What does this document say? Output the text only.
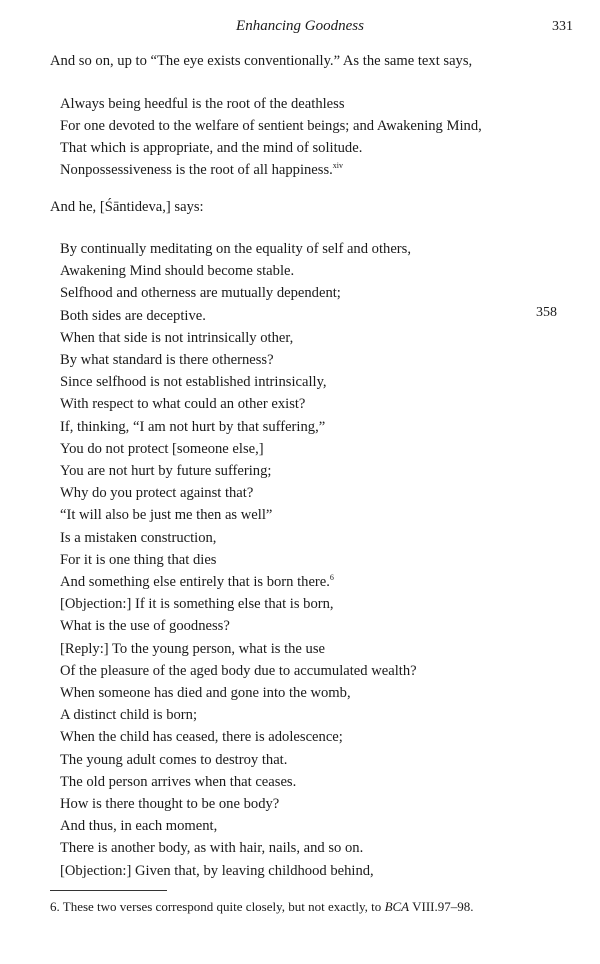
Enhancing Goodness	331
And so on, up to “The eye exists conventionally.” As the same text says,
Always being heedful is the root of the deathless
For one devoted to the welfare of sentient beings; and Awakening Mind,
That which is appropriate, and the mind of solitude.
Nonpossessiveness is the root of all happiness.$^{xiv}$
And he, [Śāntideva,] says:
By continually meditating on the equality of self and others,
Awakening Mind should become stable.
Selfhood and otherness are mutually dependent;
Both sides are deceptive.
When that side is not intrinsically other,
By what standard is there otherness?
Since selfhood is not established intrinsically,
With respect to what could an other exist?
If, thinking, “I am not hurt by that suffering,”
You do not protect [someone else,]
You are not hurt by future suffering;
Why do you protect against that?
“It will also be just me then as well”
Is a mistaken construction,
For it is one thing that dies
And something else entirely that is born there.$^6$
[Objection:] If it is something else that is born,
What is the use of goodness?
[Reply:] To the young person, what is the use
Of the pleasure of the aged body due to accumulated wealth?
When someone has died and gone into the womb,
A distinct child is born;
When the child has ceased, there is adolescence;
The young adult comes to destroy that.
The old person arrives when that ceases.
How is there thought to be one body?
And thus, in each moment,
There is another body, as with hair, nails, and so on.
[Objection:] Given that, by leaving childhood behind,
358
6. These two verses correspond quite closely, but not exactly, to BCA VIII.97–98.
